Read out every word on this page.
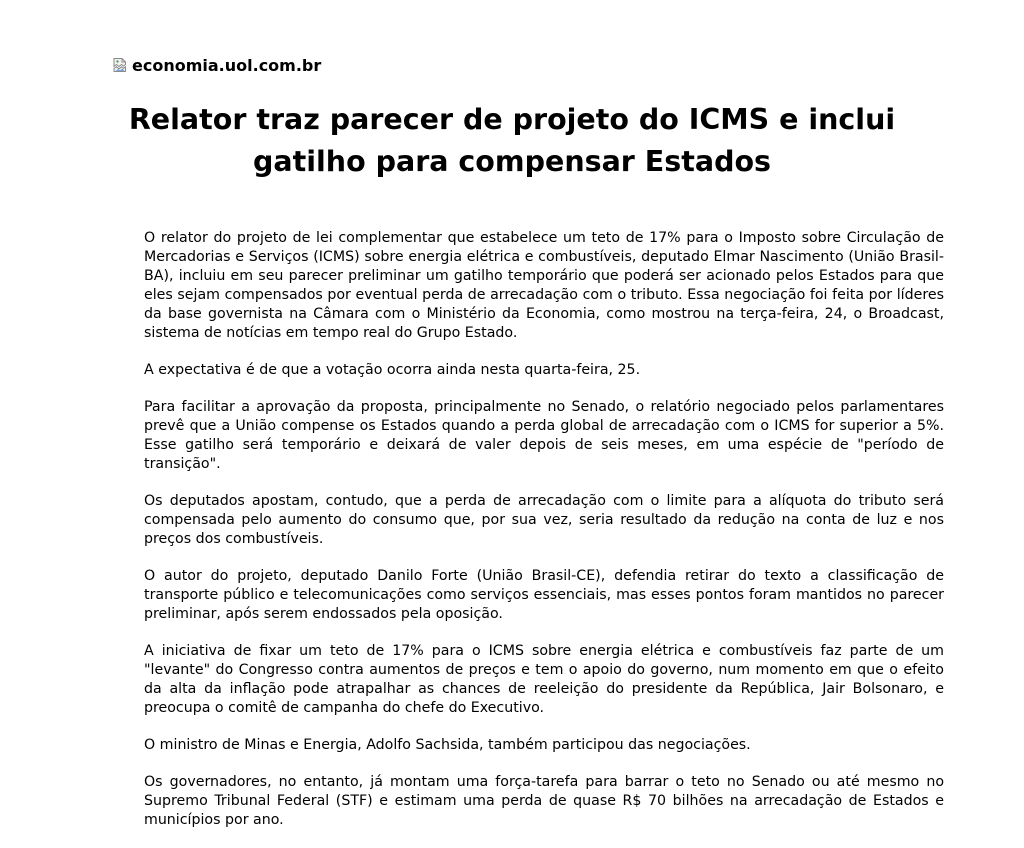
economia.uol.com.br
Relator traz parecer de projeto do ICMS e inclui gatilho para compensar Estados

O relator do projeto de lei complementar que estabelece um teto de 17% para o Imposto sobre Circulação de Mercadorias e Serviços (ICMS) sobre energia elétrica e combustíveis, deputado Elmar Nascimento (União Brasil-BA), incluiu em seu parecer preliminar um gatilho temporário que poderá ser acionado pelos Estados para que eles sejam compensados por eventual perda de arrecadação com o tributo. Essa negociação foi feita por líderes da base governista na Câmara com o Ministério da Economia, como mostrou na terça-feira, 24, o Broadcast, sistema de notícias em tempo real do Grupo Estado.

A expectativa é de que a votação ocorra ainda nesta quarta-feira, 25.

Para facilitar a aprovação da proposta, principalmente no Senado, o relatório negociado pelos parlamentares prevê que a União compense os Estados quando a perda global de arrecadação com o ICMS for superior a 5%. Esse gatilho será temporário e deixará de valer depois de seis meses, em uma espécie de "período de transição".

Os deputados apostam, contudo, que a perda de arrecadação com o limite para a alíquota do tributo será compensada pelo aumento do consumo que, por sua vez, seria resultado da redução na conta de luz e nos preços dos combustíveis.

O autor do projeto, deputado Danilo Forte (União Brasil-CE), defendia retirar do texto a classificação de transporte público e telecomunicações como serviços essenciais, mas esses pontos foram mantidos no parecer preliminar, após serem endossados pela oposição.

A iniciativa de fixar um teto de 17% para o ICMS sobre energia elétrica e combustíveis faz parte de um "levante" do Congresso contra aumentos de preços e tem o apoio do governo, num momento em que o efeito da alta da inflação pode atrapalhar as chances de reeleição do presidente da República, Jair Bolsonaro, e preocupa o comitê de campanha do chefe do Executivo.

O ministro de Minas e Energia, Adolfo Sachsida, também participou das negociações.

Os governadores, no entanto, já montam uma força-tarefa para barrar o teto no Senado ou até mesmo no Supremo Tribunal Federal (STF) e estimam uma perda de quase R$ 70 bilhões na arrecadação de Estados e municípios por ano.
